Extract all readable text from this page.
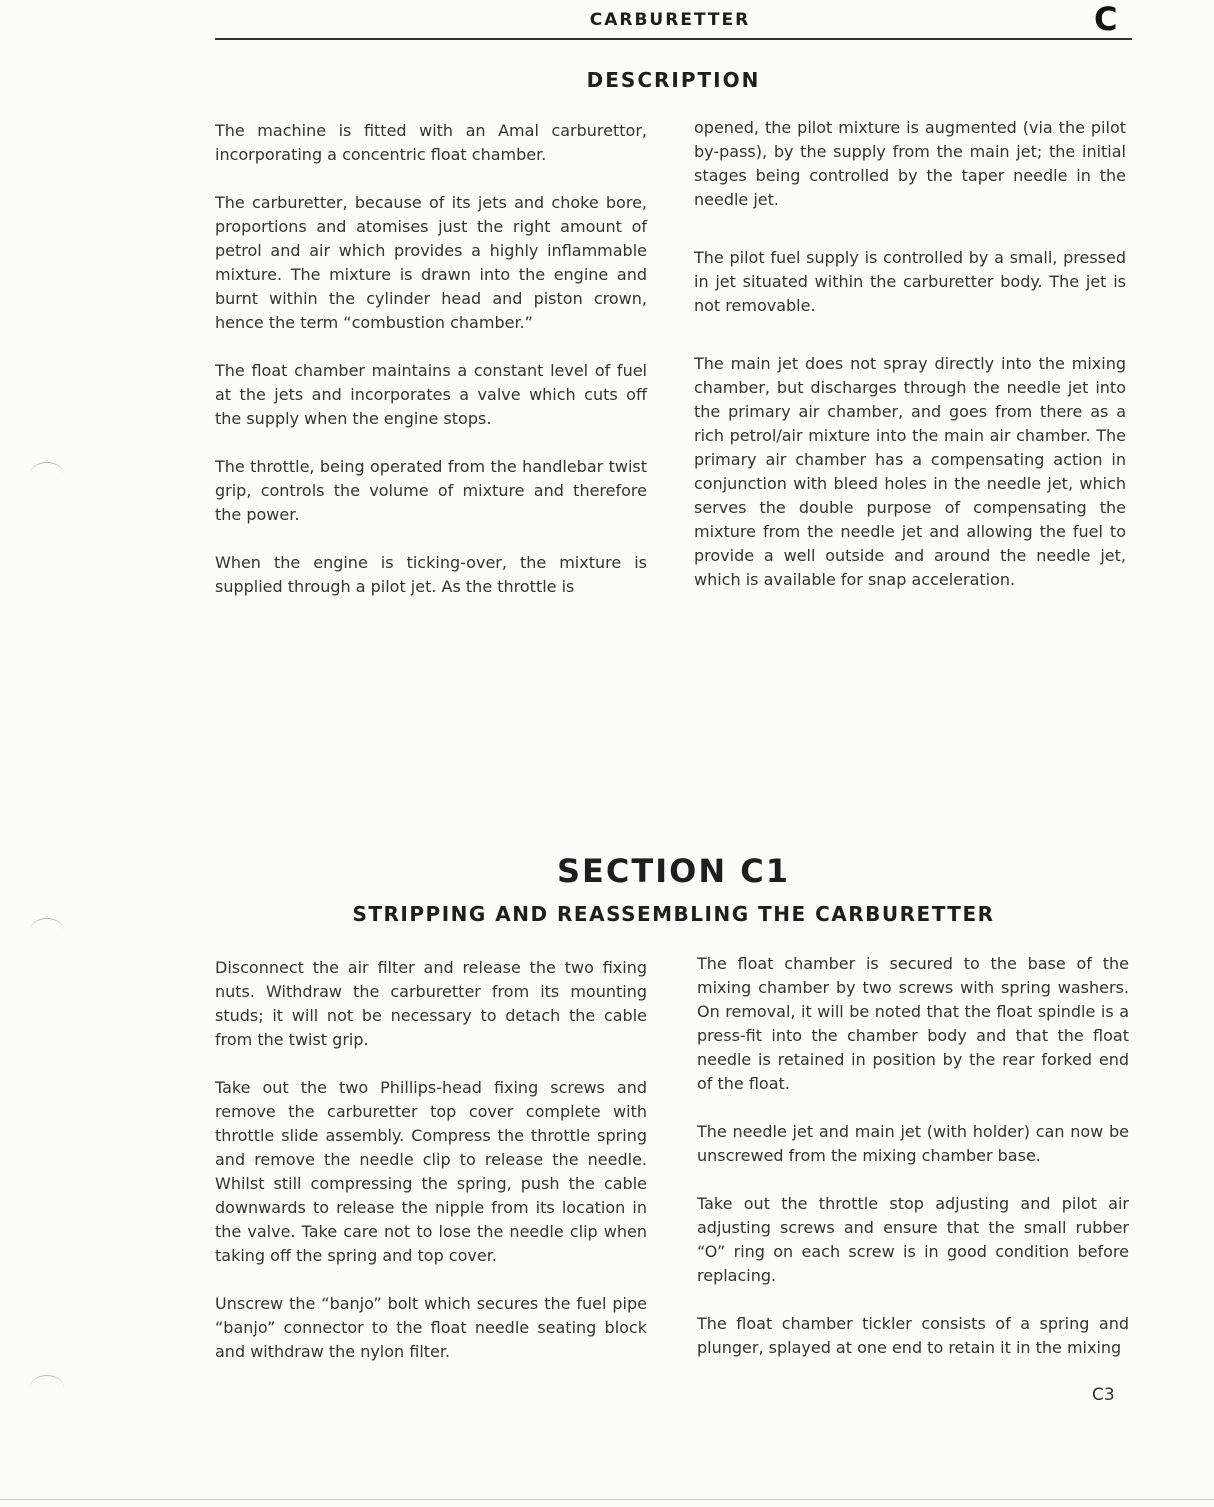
CARBURETTER	C
DESCRIPTION

The machine is fitted with an Amal carburettor, incorporating a concentric float chamber.

The carburetter, because of its jets and choke bore, proportions and atomises just the right amount of petrol and air which provides a highly inflammable mixture. The mixture is drawn into the engine and burnt within the cylinder head and piston crown, hence the term “combustion chamber.”

The float chamber maintains a constant level of fuel at the jets and incorporates a valve which cuts off the supply when the engine stops.

The throttle, being operated from the handlebar twist grip, controls the volume of mixture and therefore the power.

When the engine is ticking-over, the mixture is supplied through a pilot jet. As the throttle is

opened, the pilot mixture is augmented (via the pilot by-pass), by the supply from the main jet; the initial stages being controlled by the taper needle in the needle jet.

The pilot fuel supply is controlled by a small, pressed in jet situated within the carburetter body. The jet is not removable.

The main jet does not spray directly into the mixing chamber, but discharges through the needle jet into the primary air chamber, and goes from there as a rich petrol/air mixture into the main air chamber. The primary air chamber has a compensating action in conjunction with bleed holes in the needle jet, which serves the double purpose of compensating the mixture from the needle jet and allowing the fuel to provide a well outside and around the needle jet, which is available for snap acceleration.

SECTION C1
STRIPPING AND REASSEMBLING THE CARBURETTER

Disconnect the air filter and release the two fixing nuts. Withdraw the carburetter from its mounting studs; it will not be necessary to detach the cable from the twist grip.

Take out the two Phillips-head fixing screws and remove the carburetter top cover complete with throttle slide assembly. Compress the throttle spring and remove the needle clip to release the needle. Whilst still compressing the spring, push the cable downwards to release the nipple from its location in the valve. Take care not to lose the needle clip when taking off the spring and top cover.

Unscrew the “banjo” bolt which secures the fuel pipe “banjo” connector to the float needle seating block and withdraw the nylon filter.

The float chamber is secured to the base of the mixing chamber by two screws with spring washers. On removal, it will be noted that the float spindle is a press-fit into the chamber body and that the float needle is retained in position by the rear forked end of the float.

The needle jet and main jet (with holder) can now be unscrewed from the mixing chamber base.

Take out the throttle stop adjusting and pilot air adjusting screws and ensure that the small rubber “O” ring on each screw is in good condition before replacing.

The float chamber tickler consists of a spring and plunger, splayed at one end to retain it in the mixing

C3
